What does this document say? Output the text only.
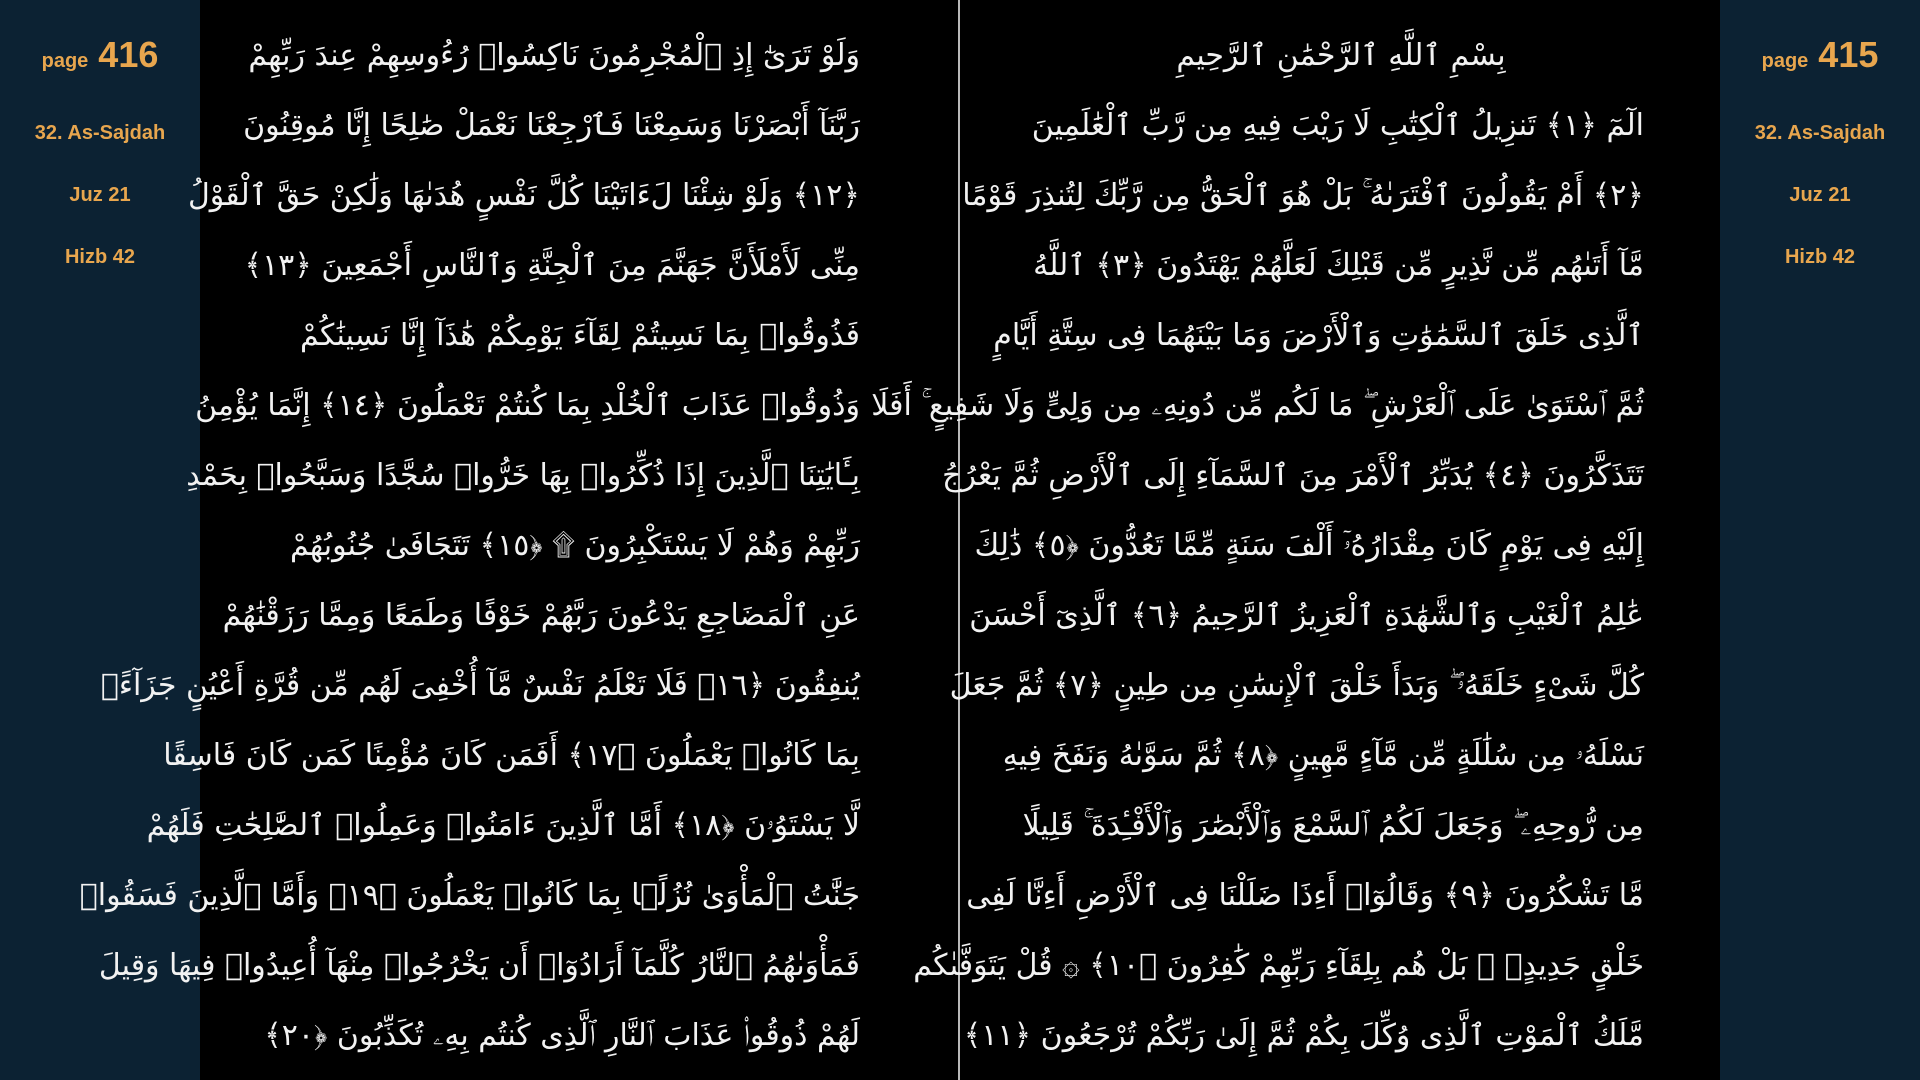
page 416
32. As-Sajdah
Juz 21
Hizb 42
وَلَوْ تَرَىٰٓ إِذِ ٱلْمُجْرِمُونَ نَاكِسُوا۟ رُءُوسِهِمْ عِندَ رَبِّهِمْ
رَبَّنَآ أَبْصَرْنَا وَسَمِعْنَا فَٱرْجِعْنَا نَعْمَلْ صَٰلِحًا إِنَّا مُوقِنُونَ
﴿١٢﴾ وَلَوْ شِئْنَا لَءَاتَيْنَا كُلَّ نَفْسٍ هُدَىٰهَا وَلَٰكِنْ حَقَّ ٱلْقَوْلُ
مِنِّى لَأَمْلَأَنَّ جَهَنَّمَ مِنَ ٱلْجِنَّةِ وَٱلنَّاسِ أَجْمَعِينَ ﴿١٣﴾
فَذُوقُوا۟ بِمَا نَسِيتُمْ لِقَآءَ يَوْمِكُمْ هَٰذَآ إِنَّا نَسِينَٰكُمْ
وَذُوقُوا۟ عَذَابَ ٱلْخُلْدِ بِمَا كُنتُمْ تَعْمَلُونَ ﴿١٤﴾ إِنَّمَا يُؤْمِنُ
بِـَٔايَٰتِنَا ٱلَّذِينَ إِذَا ذُكِّرُوا۟ بِهَا خَرُّوا۟ سُجَّدًا وَسَبَّحُوا۟ بِحَمْدِ
رَبِّهِمْ وَهُمْ لَا يَسْتَكْبِرُونَ ۩ ﴿١٥﴾ تَتَجَافَىٰ جُنُوبُهُمْ
عَنِ ٱلْمَضَاجِعِ يَدْعُونَ رَبَّهُمْ خَوْفًا وَطَمَعًا وَمِمَّا رَزَقْنَٰهُمْ
يُنفِقُونَ ﴿١٦﴾ فَلَا تَعْلَمُ نَفْسٌ مَّآ أُخْفِىَ لَهُم مِّن قُرَّةِ أَعْيُنٍ جَزَآءًۢ
بِمَا كَانُوا۟ يَعْمَلُونَ ﴿١٧﴾ أَفَمَن كَانَ مُؤْمِنًا كَمَن كَانَ فَاسِقًا
لَّا يَسْتَوُۥنَ ﴿١٨﴾ أَمَّا ٱلَّذِينَ ءَامَنُوا۟ وَعَمِلُوا۟ ٱلصَّٰلِحَٰتِ فَلَهُمْ
جَنَّٰتُ ٱلْمَأْوَىٰ نُزُلًۢا بِمَا كَانُوا۟ يَعْمَلُونَ ﴿١٩﴾ وَأَمَّا ٱلَّذِينَ فَسَقُوا۟
فَمَأْوَىٰهُمُ ٱلنَّارُ كُلَّمَآ أَرَادُوٓا۟ أَن يَخْرُجُوا۟ مِنْهَآ أُعِيدُوا۟ فِيهَا وَقِيلَ
لَهُمْ ذُوقُوا۟ عَذَابَ ٱلنَّارِ ٱلَّذِى كُنتُم بِهِۦ تُكَذِّبُونَ ﴿٢٠﴾
بِسْمِ ٱللَّهِ ٱلرَّحْمَٰنِ ٱلرَّحِيمِ
الٓمٓ ﴿١﴾ تَنزِيلُ ٱلْكِتَٰبِ لَا رَيْبَ فِيهِ مِن رَّبِّ ٱلْعَٰلَمِينَ
﴿٢﴾ أَمْ يَقُولُونَ ٱفْتَرَىٰهُ ۚ بَلْ هُوَ ٱلْحَقُّ مِن رَّبِّكَ لِتُنذِرَ قَوْمًا
مَّآ أَتَىٰهُم مِّن نَّذِيرٍ مِّن قَبْلِكَ لَعَلَّهُمْ يَهْتَدُونَ ﴿٣﴾ ٱللَّهُ
ٱلَّذِى خَلَقَ ٱلسَّمَٰوَٰتِ وَٱلْأَرْضَ وَمَا بَيْنَهُمَا فِى سِتَّةِ أَيَّامٍ
ثُمَّ ٱسْتَوَىٰ عَلَى ٱلْعَرْشِ ۖ مَا لَكُم مِّن دُونِهِۦ مِن وَلِىٍّ وَلَا شَفِيعٍ ۚ أَفَلَا
تَتَذَكَّرُونَ ﴿٤﴾ يُدَبِّرُ ٱلْأَمْرَ مِنَ ٱلسَّمَآءِ إِلَى ٱلْأَرْضِ ثُمَّ يَعْرُجُ
إِلَيْهِ فِى يَوْمٍ كَانَ مِقْدَارُهُۥٓ أَلْفَ سَنَةٍ مِّمَّا تَعُدُّونَ ﴿٥﴾ ذَٰلِكَ
عَٰلِمُ ٱلْغَيْبِ وَٱلشَّهَٰدَةِ ٱلْعَزِيزُ ٱلرَّحِيمُ ﴿٦﴾ ٱلَّذِىٓ أَحْسَنَ
كُلَّ شَىْءٍ خَلَقَهُۥ ۖ وَبَدَأَ خَلْقَ ٱلْإِنسَٰنِ مِن طِينٍ ﴿٧﴾ ثُمَّ جَعَلَ
نَسْلَهُۥ مِن سُلَٰلَةٍ مِّن مَّآءٍ مَّهِينٍ ﴿٨﴾ ثُمَّ سَوَّىٰهُ وَنَفَخَ فِيهِ
مِن رُّوحِهِۦ ۖ وَجَعَلَ لَكُمُ ٱلسَّمْعَ وَٱلْأَبْصَٰرَ وَٱلْأَفْـِٔدَةَ ۚ قَلِيلًا
مَّا تَشْكُرُونَ ﴿٩﴾ وَقَالُوٓا۟ أَءِذَا ضَلَلْنَا فِى ٱلْأَرْضِ أَءِنَّا لَفِى
خَلْقٍ جَدِيدٍۭ ۚ بَلْ هُم بِلِقَآءِ رَبِّهِمْ كَٰفِرُونَ ﴿١٠﴾ ۞ قُلْ يَتَوَفَّىٰكُم
مَّلَكُ ٱلْمَوْتِ ٱلَّذِى وُكِّلَ بِكُمْ ثُمَّ إِلَىٰ رَبِّكُمْ تُرْجَعُونَ ﴿١١﴾
page 415
32. As-Sajdah
Juz 21
Hizb 42
